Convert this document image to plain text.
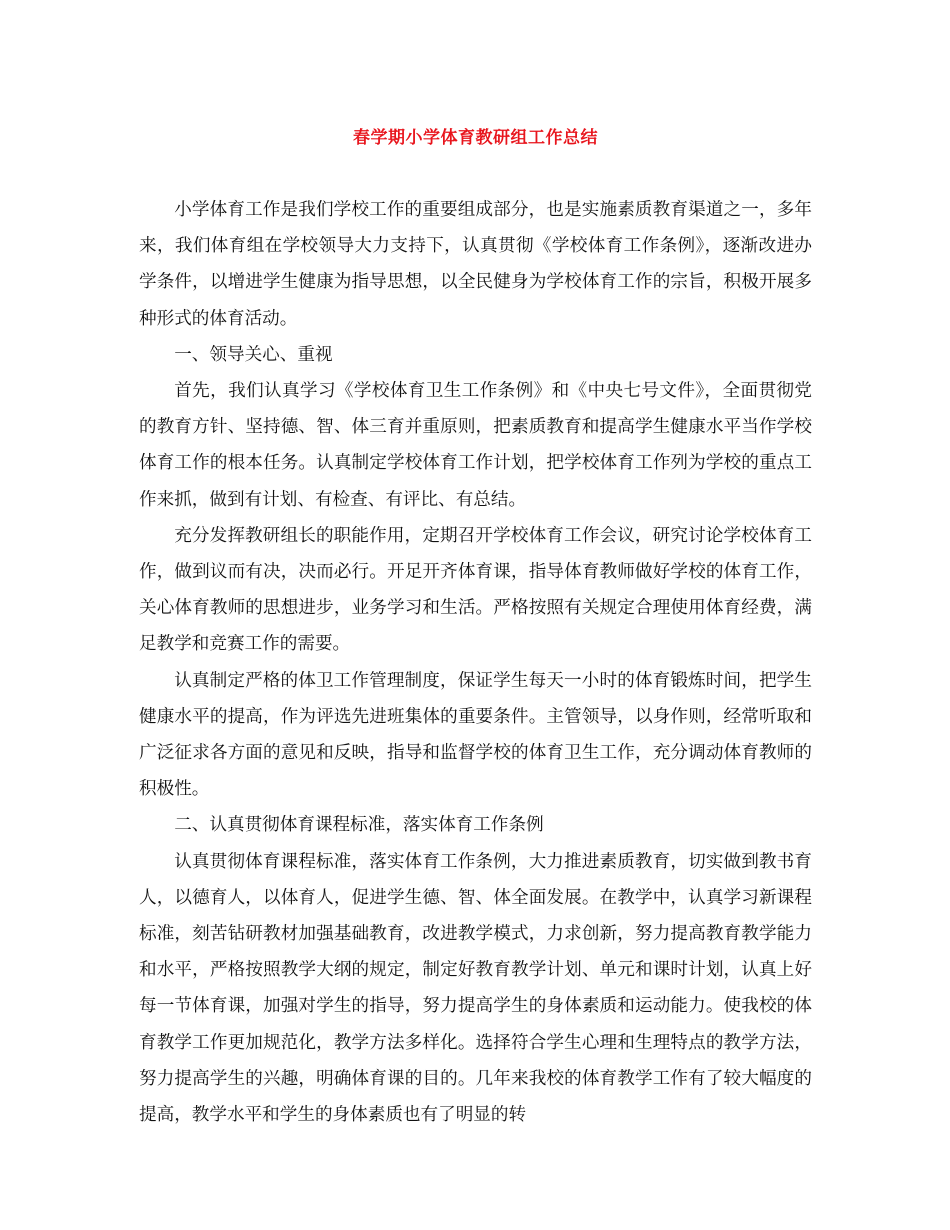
春学期小学体育教研组工作总结

小学体育工作是我们学校工作的重要组成部分，也是实施素质教育渠道之一，多年来，我们体育组在学校领导大力支持下，认真贯彻《学校体育工作条例》，逐渐改进办学条件，以增进学生健康为指导思想，以全民健身为学校体育工作的宗旨，积极开展多种形式的体育活动。

一、领导关心、重视

首先，我们认真学习《学校体育卫生工作条例》和《中央七号文件》，全面贯彻党的教育方针、坚持德、智、体三育并重原则，把素质教育和提高学生健康水平当作学校体育工作的根本任务。认真制定学校体育工作计划，把学校体育工作列为学校的重点工作来抓，做到有计划、有检查、有评比、有总结。

充分发挥教研组长的职能作用，定期召开学校体育工作会议，研究讨论学校体育工作，做到议而有决，决而必行。开足开齐体育课，指导体育教师做好学校的体育工作，关心体育教师的思想进步，业务学习和生活。严格按照有关规定合理使用体育经费，满足教学和竞赛工作的需要。

认真制定严格的体卫工作管理制度，保证学生每天一小时的体育锻炼时间，把学生健康水平的提高，作为评选先进班集体的重要条件。主管领导，以身作则，经常听取和广泛征求各方面的意见和反映，指导和监督学校的体育卫生工作，充分调动体育教师的积极性。

二、认真贯彻体育课程标准，落实体育工作条例

认真贯彻体育课程标准，落实体育工作条例，大力推进素质教育，切实做到教书育人，以德育人，以体育人，促进学生德、智、体全面发展。在教学中，认真学习新课程标准，刻苦钻研教材加强基础教育，改进教学模式，力求创新，努力提高教育教学能力和水平，严格按照教学大纲的规定，制定好教育教学计划、单元和课时计划，认真上好每一节体育课，加强对学生的指导，努力提高学生的身体素质和运动能力。使我校的体育教学工作更加规范化，教学方法多样化。选择符合学生心理和生理特点的教学方法，努力提高学生的兴趣，明确体育课的目的。几年来我校的体育教学工作有了较大幅度的提高，教学水平和学生的身体素质也有了明显的转
